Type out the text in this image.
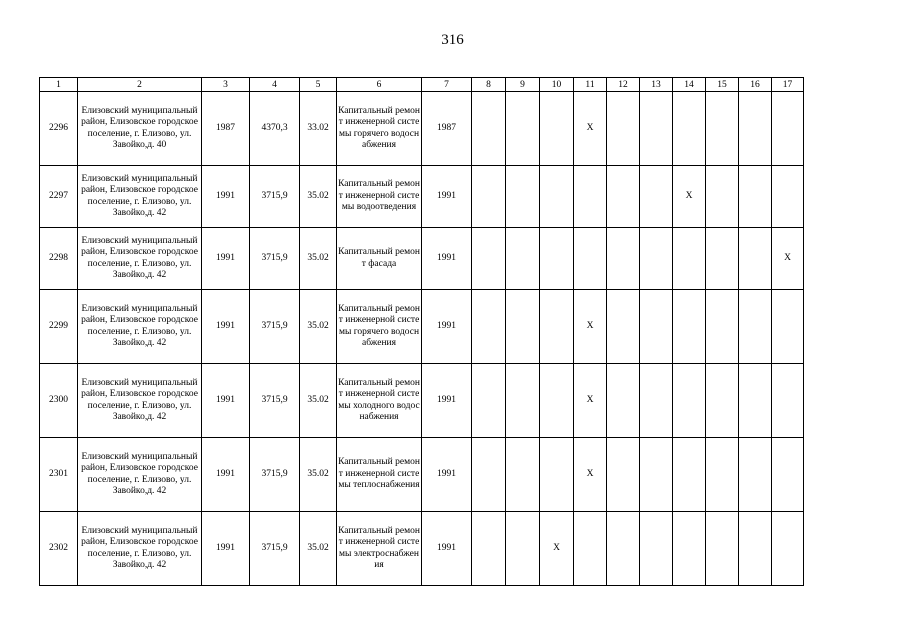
316
1	2	3	4	5	6	7	8	9	10	11	12	13	14	15	16	17
2296	Елизовский муниципальный район, Елизовское городское поселение, г. Елизово, ул. Завойко,д. 40	1987	4370,3	33.02	Капитальный ремонт инженерной системы горячего водоснабжения	1987				X						
2297	Елизовский муниципальный район, Елизовское городское поселение, г. Елизово, ул. Завойко,д. 42	1991	3715,9	35.02	Капитальный ремонт инженерной системы водоотведения	1991							X			
2298	Елизовский муниципальный район, Елизовское городское поселение, г. Елизово, ул. Завойко,д. 42	1991	3715,9	35.02	Капитальный ремонт фасада	1991										X
2299	Елизовский муниципальный район, Елизовское городское поселение, г. Елизово, ул. Завойко,д. 42	1991	3715,9	35.02	Капитальный ремонт инженерной системы горячего водоснабжения	1991				X						
2300	Елизовский муниципальный район, Елизовское городское поселение, г. Елизово, ул. Завойко,д. 42	1991	3715,9	35.02	Капитальный ремонт инженерной системы холодного водоснабжения	1991				X						
2301	Елизовский муниципальный район, Елизовское городское поселение, г. Елизово, ул. Завойко,д. 42	1991	3715,9	35.02	Капитальный ремонт инженерной системы теплоснабжения	1991				X						
2302	Елизовский муниципальный район, Елизовское городское поселение, г. Елизово, ул. Завойко,д. 42	1991	3715,9	35.02	Капитальный ремонт инженерной системы электроснабжения	1991			X							
